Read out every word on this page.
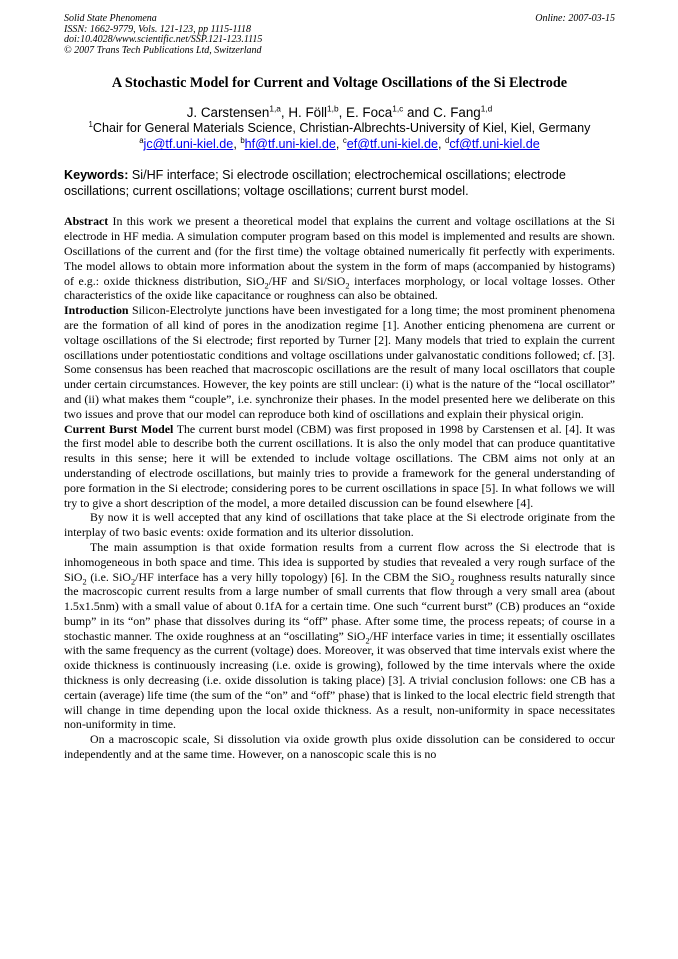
Solid State Phenomena
ISSN: 1662-9779, Vols. 121-123, pp 1115-1118
doi:10.4028/www.scientific.net/SSP.121-123.1115
© 2007 Trans Tech Publications Ltd, Switzerland
Online: 2007-03-15
A Stochastic Model for Current and Voltage Oscillations of the Si Electrode
J. Carstensen$^{1,a}$, H. Föll$^{1,b}$, E. Foca$^{1,c}$ and C. Fang$^{1,d}$
$^1$Chair for General Materials Science, Christian-Albrechts-University of Kiel, Kiel, Germany
$^a$jc@tf.uni-kiel.de, $^b$hf@tf.uni-kiel.de, $^c$ef@tf.uni-kiel.de, $^d$cf@tf.uni-kiel.de
Keywords: Si/HF interface; Si electrode oscillation; electrochemical oscillations; electrode oscillations; current oscillations; voltage oscillations; current burst model.

Abstract In this work we present a theoretical model that explains the current and voltage oscillations at the Si electrode in HF media. A simulation computer program based on this model is implemented and results are shown. Oscillations of the current and (for the first time) the voltage obtained numerically fit perfectly with experiments. The model allows to obtain more information about the system in the form of maps (accompanied by histograms) of e.g.: oxide thickness distribution, SiO$_2$/HF and Si/SiO$_2$ interfaces morphology, or local voltage losses. Other characteristics of the oxide like capacitance or roughness can also be obtained.

Introduction Silicon-Electrolyte junctions have been investigated for a long time; the most prominent phenomena are the formation of all kind of pores in the anodization regime [1]. Another enticing phenomena are current or voltage oscillations of the Si electrode; first reported by Turner [2]. Many models that tried to explain the current oscillations under potentiostatic conditions and voltage oscillations under galvanostatic conditions followed; cf. [3]. Some consensus has been reached that macroscopic oscillations are the result of many local oscillators that couple under certain circumstances. However, the key points are still unclear: (i) what is the nature of the “local oscillator” and (ii) what makes them “couple”, i.e. synchronize their phases. In the model presented here we deliberate on this two issues and prove that our model can reproduce both kind of oscillations and explain their physical origin.

Current Burst Model The current burst model (CBM) was first proposed in 1998 by Carstensen et al. [4]. It was the first model able to describe both the current oscillations. It is also the only model that can produce quantitative results in this sense; here it will be extended to include voltage oscillations. The CBM aims not only at an understanding of electrode oscillations, but mainly tries to provide a framework for the general understanding of pore formation in the Si electrode; considering pores to be current oscillations in space [5]. In what follows we will try to give a short description of the model, a more detailed discussion can be found elsewhere [4].

By now it is well accepted that any kind of oscillations that take place at the Si electrode originate from the interplay of two basic events: oxide formation and its ulterior dissolution.

The main assumption is that oxide formation results from a current flow across the Si electrode that is inhomogeneous in both space and time. This idea is supported by studies that revealed a very rough surface of the SiO$_2$ (i.e. SiO$_2$/HF interface has a very hilly topology) [6]. In the CBM the SiO$_2$ roughness results naturally since the macroscopic current results from a large number of small currents that flow through a very small area (about 1.5x1.5nm) with a small value of about 0.1fA for a certain time. One such “current burst” (CB) produces an “oxide bump” in its “on” phase that dissolves during its “off” phase. After some time, the process repeats; of course in a stochastic manner. The oxide roughness at an “oscillating” SiO$_2$/HF interface varies in time; it essentially oscillates with the same frequency as the current (voltage) does. Moreover, it was observed that time intervals exist where the oxide thickness is continuously increasing (i.e. oxide is growing), followed by the time intervals where the oxide thickness is only decreasing (i.e. oxide dissolution is taking place) [3]. A trivial conclusion follows: one CB has a certain (average) life time (the sum of the “on” and “off” phase) that is linked to the local electric field strength that will change in time depending upon the local oxide thickness. As a result, non-uniformity in space necessitates non-uniformity in time.

On a macroscopic scale, Si dissolution via oxide growth plus oxide dissolution can be considered to occur independently and at the same time. However, on a nanoscopic scale this is no
